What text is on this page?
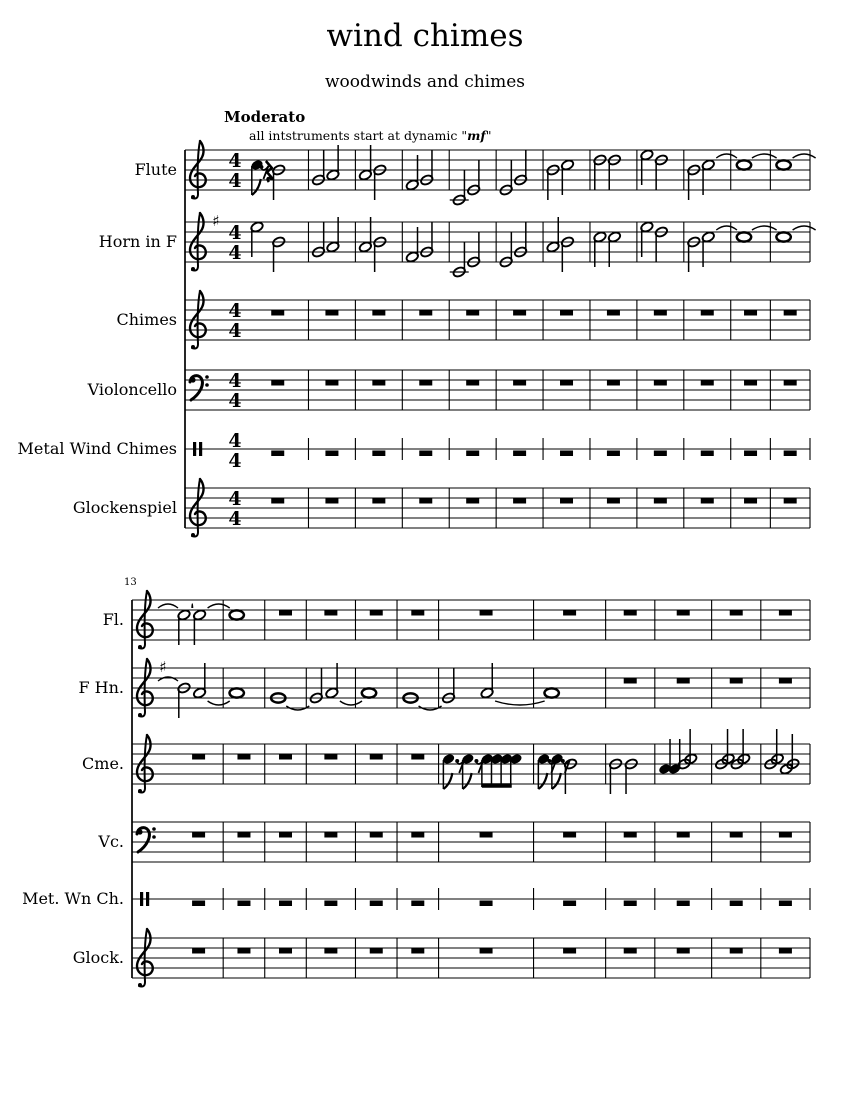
wind chimes
woodwinds and chimes
Moderato
all intstruments start at dynamic "mf"
13
Flute	4
4
Horn in F
♯
4
4
Chimes	4
4
Violoncello	4
4
Metal Wind Chimes	4
4
Glockenspiel	4
4
Fl.
F Hn.
♯
Cme.
Vc.
Met. Wn Ch.
Glock.
